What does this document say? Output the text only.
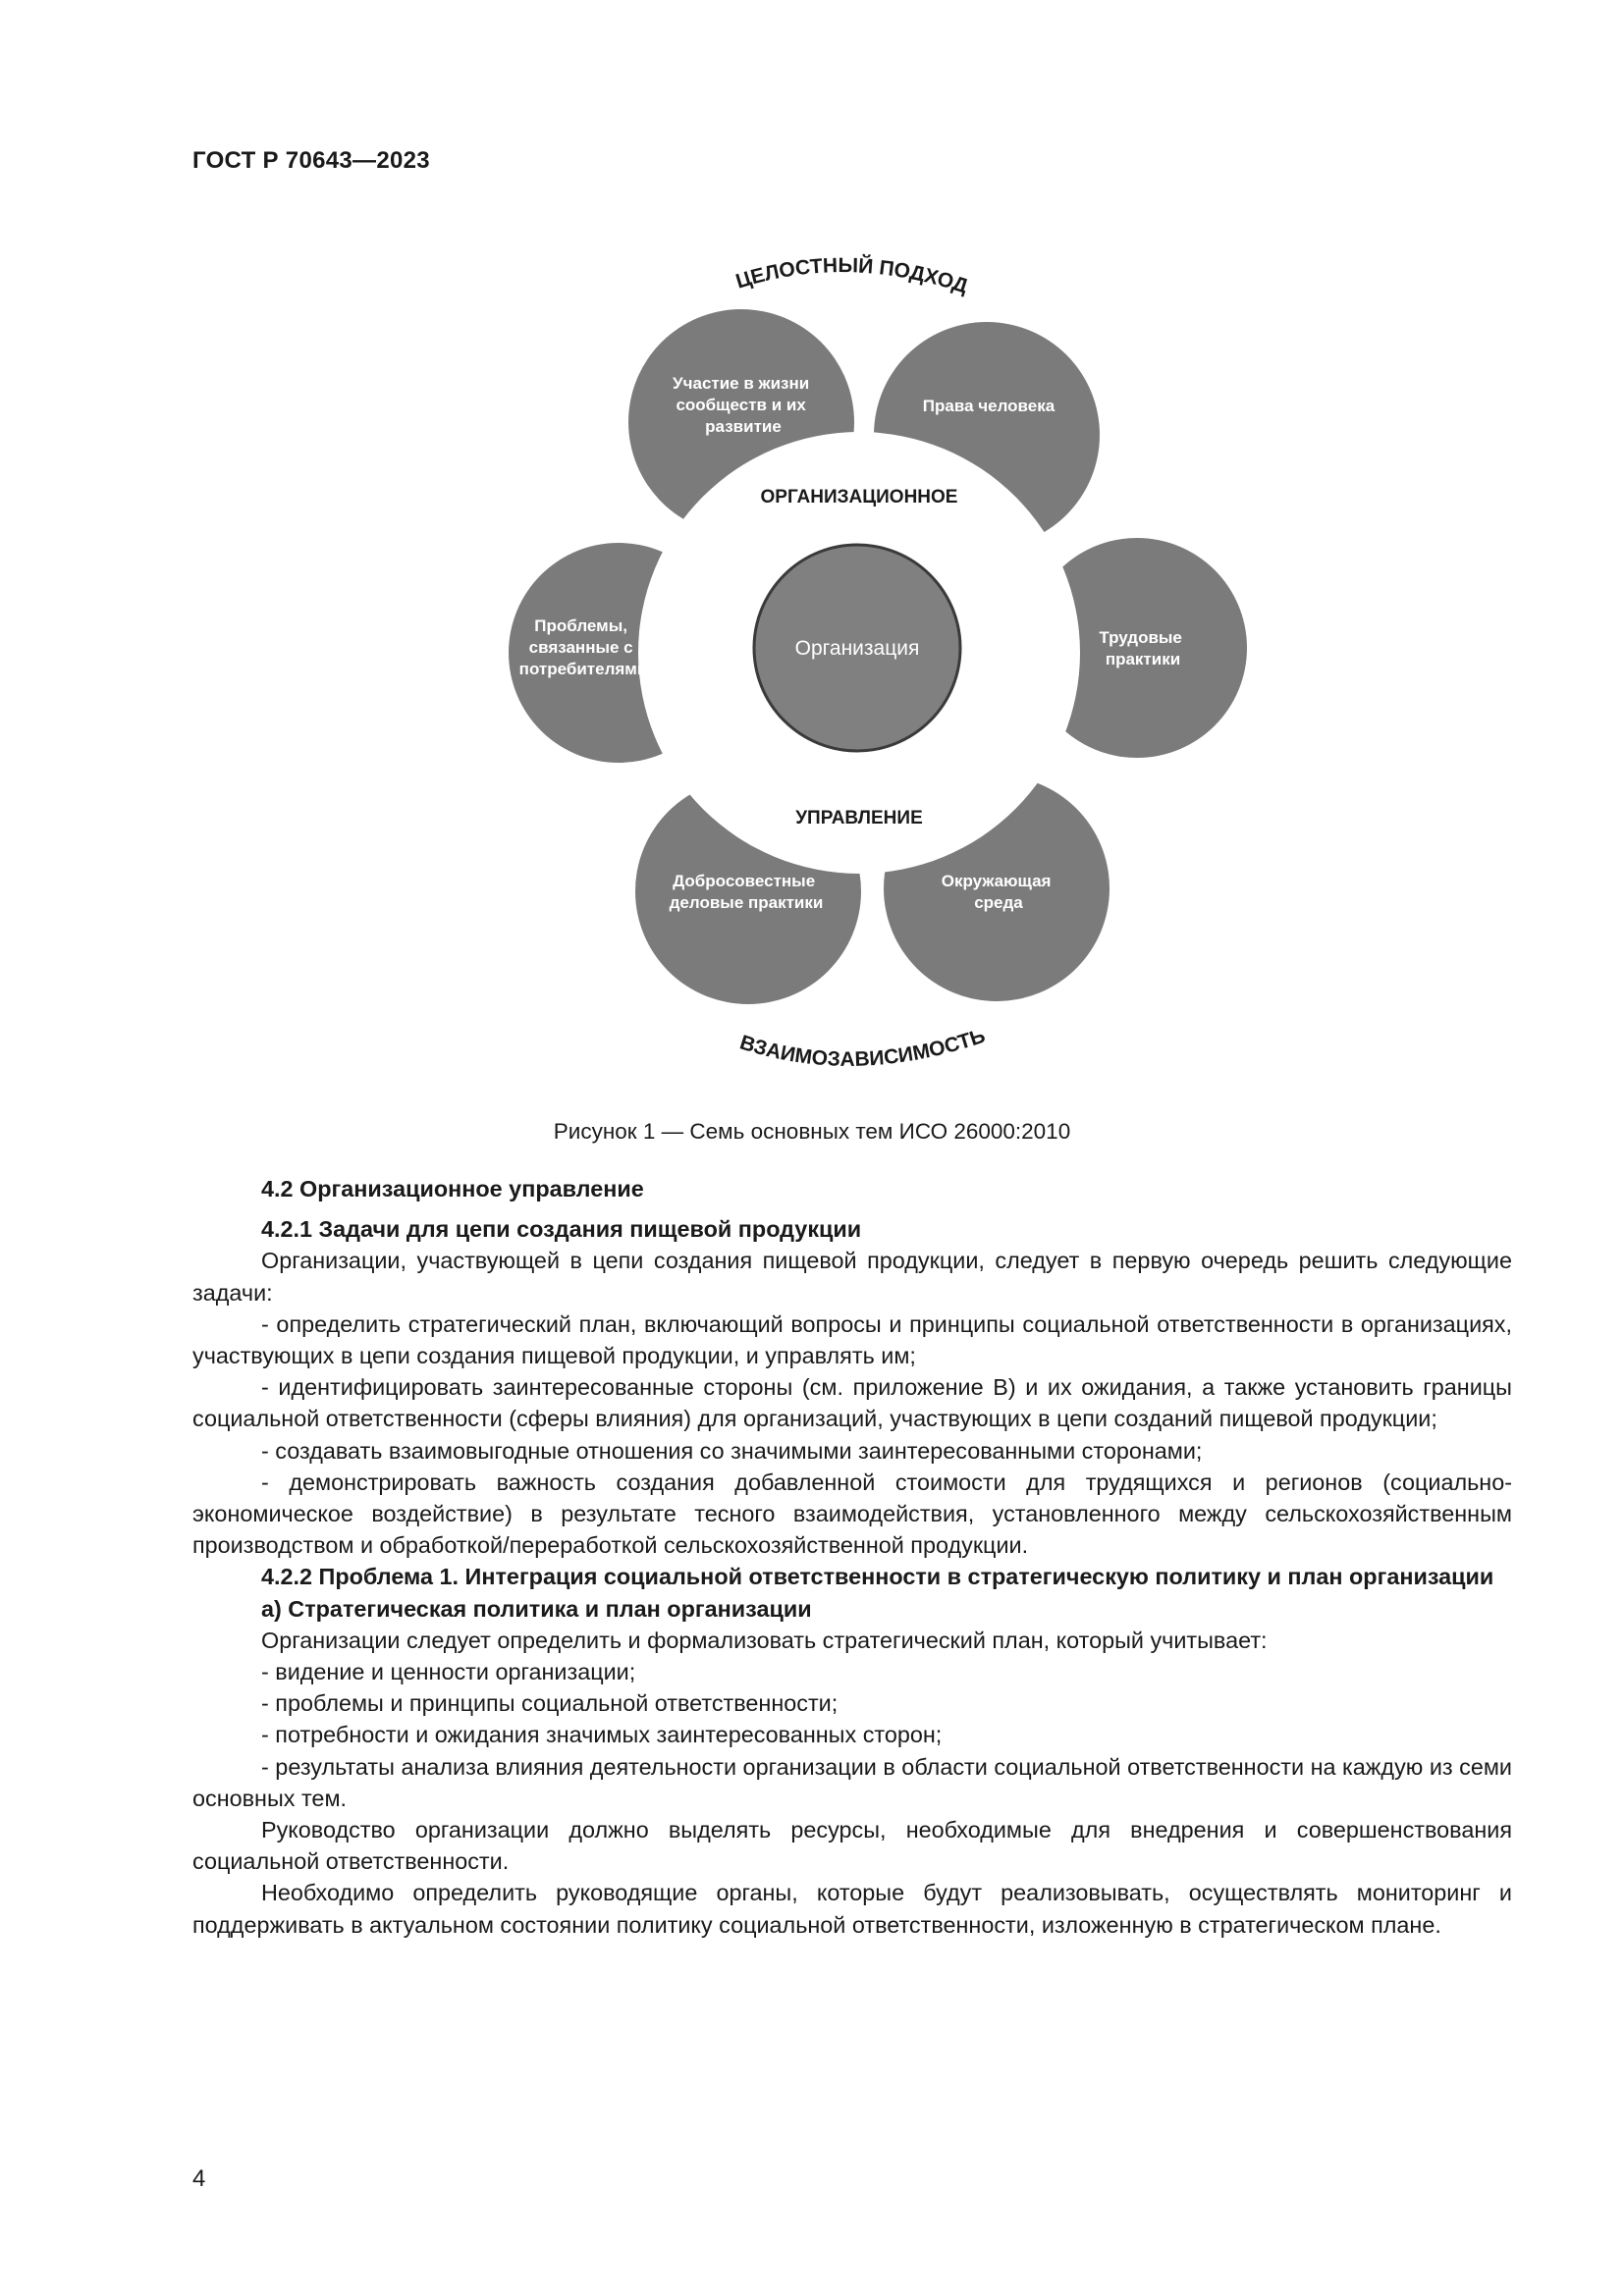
ГОСТ Р 70643—2023
Участие в жизни сообществ и их развитие
Права человека
Трудовые практики
Окружающая среда
Добросовестные деловые практики
Проблемы, связанные с потребителями
Организация
ОРГАНИЗАЦИОННОЕ
УПРАВЛЕНИЕ
ЦЕЛОСТНЫЙ ПОДХОД
ВЗАИМОЗАВИСИМОСТЬ
Рисунок 1 — Семь основных тем ИСО 26000:2010

4.2 Организационное управление

4.2.1 Задачи для цепи создания пищевой продукции

Организации, участвующей в цепи создания пищевой продукции, следует в первую очередь решить следующие задачи:

- определить стратегический план, включающий вопросы и принципы социальной ответственности в организациях, участвующих в цепи создания пищевой продукции, и управлять им;

- идентифицировать заинтересованные стороны (см. приложение В) и их ожидания, а также установить границы социальной ответственности (сферы влияния) для организаций, участвующих в цепи созданий пищевой продукции;

- создавать взаимовыгодные отношения со значимыми заинтересованными сторонами;

- демонстрировать важность создания добавленной стоимости для трудящихся и регионов (социально-экономическое воздействие) в результате тесного взаимодействия, установленного между сельскохозяйственным производством и обработкой/переработкой сельскохозяйственной продукции.

4.2.2 Проблема 1. Интеграция социальной ответственности в стратегическую политику и план организации

а) Стратегическая политика и план организации

Организации следует определить и формализовать стратегический план, который учитывает:

- видение и ценности организации;

- проблемы и принципы социальной ответственности;

- потребности и ожидания значимых заинтересованных сторон;

- результаты анализа влияния деятельности организации в области социальной ответственности на каждую из семи основных тем.

Руководство организации должно выделять ресурсы, необходимые для внедрения и совершенствования социальной ответственности.

Необходимо определить руководящие органы, которые будут реализовывать, осуществлять мониторинг и поддерживать в актуальном состоянии политику социальной ответственности, изложенную в стратегическом плане.

4
